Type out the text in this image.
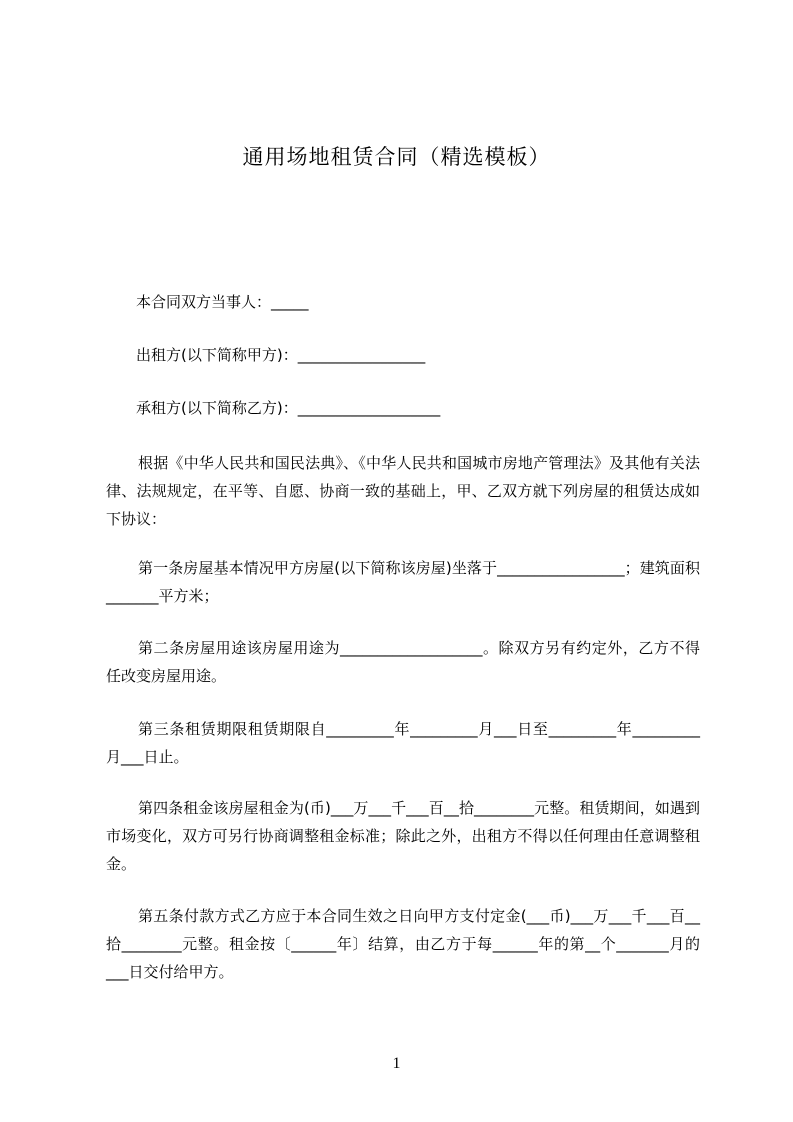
通用场地租赁合同（精选模板）
本合同双方当事人：_____
出租方(以下简称甲方)：_________________
承租方(以下简称乙方)：___________________
根据《中华人民共和国民法典》、《中华人民共和国城市房地产管理法》及其他有关法律、法规规定，在平等、自愿、协商一致的基础上，甲、乙双方就下列房屋的租赁达成如下协议：
第一条房屋基本情况甲方房屋(以下简称该房屋)坐落于_________________；建筑面积_______平方米；
第二条房屋用途该房屋用途为___________________。除双方另有约定外，乙方不得任改变房屋用途。
第三条租赁期限租赁期限自_________年_________月___日至_________年_________月___日止。
第四条租金该房屋租金为(币)___万___千___百__拾________元整。租赁期间，如遇到市场变化，双方可另行协商调整租金标准；除此之外，出租方不得以任何理由任意调整租金。
第五条付款方式乙方应于本合同生效之日向甲方支付定金(___币)___万___千___百__拾________元整。租金按〔______年〕结算，由乙方于每______年的第__个_______月的___日交付给甲方。
1
